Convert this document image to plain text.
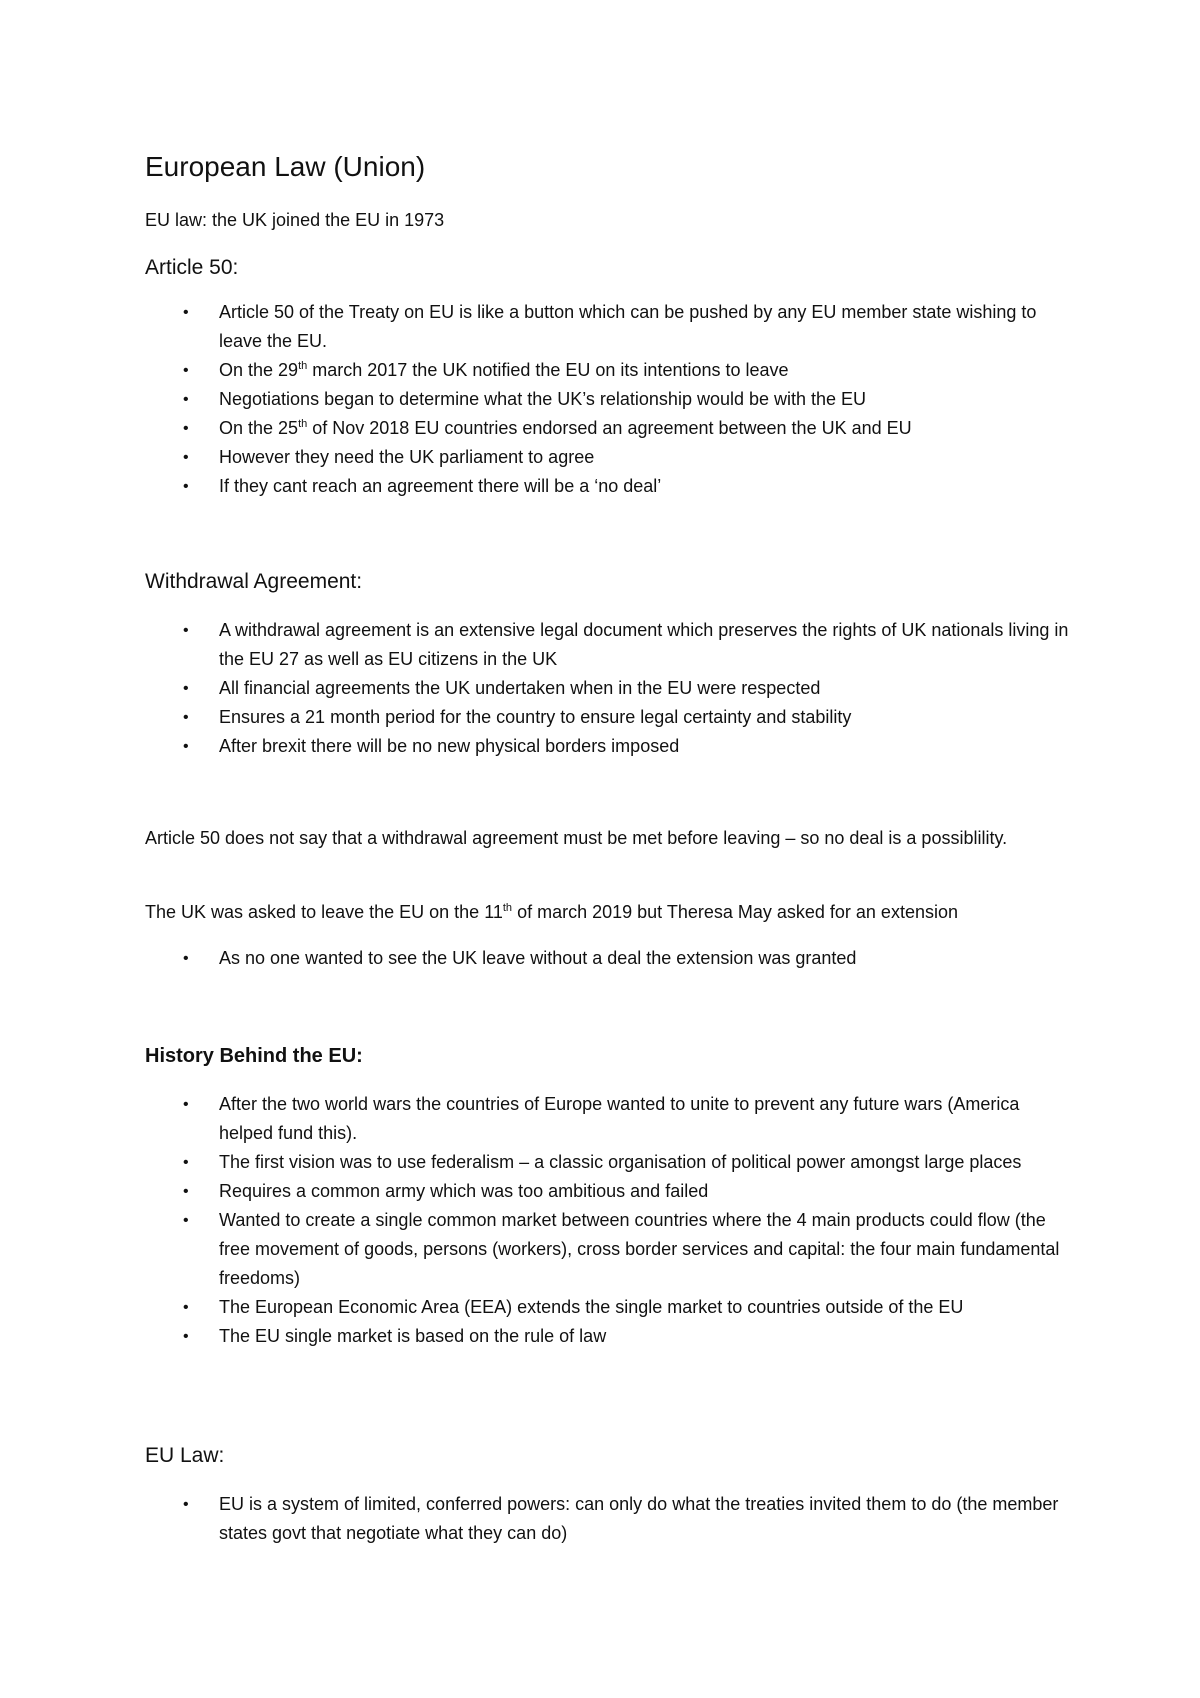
European Law (Union)

EU law: the UK joined the EU in 1973

Article 50:
• Article 50 of the Treaty on EU is like a button which can be pushed by any EU member state wishing to leave the EU.
• On the 29th march 2017 the UK notified the EU on its intentions to leave
• Negotiations began to determine what the UK’s relationship would be with the EU
• On the 25th of Nov 2018 EU countries endorsed an agreement between the UK and EU
• However they need the UK parliament to agree
• If they cant reach an agreement there will be a ‘no deal’
Withdrawal Agreement:
• A withdrawal agreement is an extensive legal document which preserves the rights of UK nationals living in the EU 27 as well as EU citizens in the UK
• All financial agreements the UK undertaken when in the EU were respected
• Ensures a 21 month period for the country to ensure legal certainty and stability
• After brexit there will be no new physical borders imposed

Article 50 does not say that a withdrawal agreement must be met before leaving – so no deal is a possiblility.

The UK was asked to leave the EU on the 11th of march 2019 but Theresa May asked for an extension

• As no one wanted to see the UK leave without a deal the extension was granted
History Behind the EU:
• After the two world wars the countries of Europe wanted to unite to prevent any future wars (America helped fund this).
• The first vision was to use federalism – a classic organisation of political power amongst large places
• Requires a common army which was too ambitious and failed
• Wanted to create a single common market between countries where the 4 main products could flow (the free movement of goods, persons (workers), cross border services and capital: the four main fundamental freedoms)
• The European Economic Area (EEA) extends the single market to countries outside of the EU
• The EU single market is based on the rule of law
EU Law:
• EU is a system of limited, conferred powers: can only do what the treaties invited them to do (the member states govt that negotiate what they can do)
